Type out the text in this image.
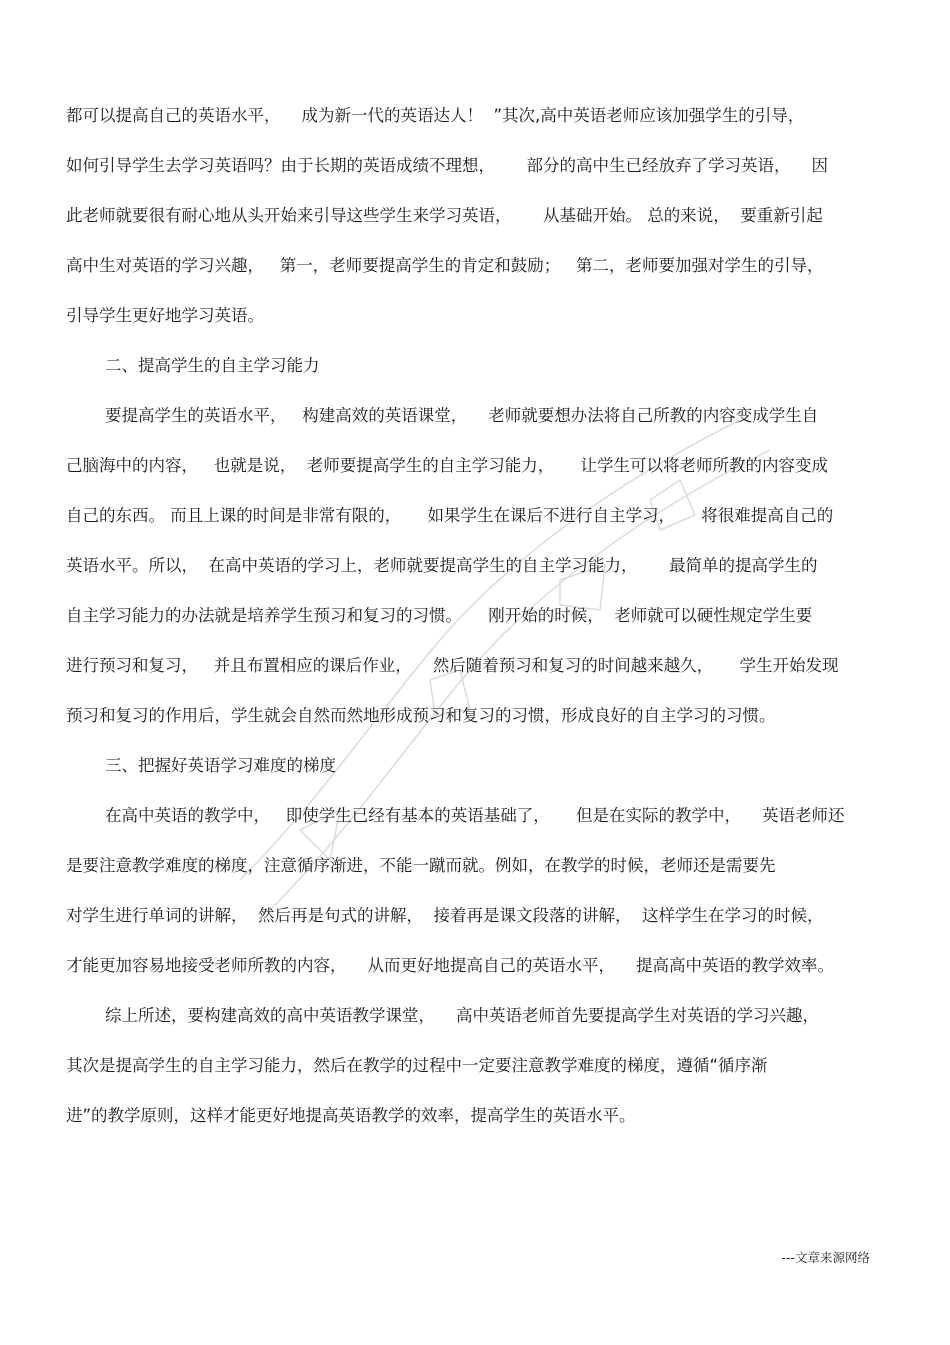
都可以提高自己的英语水平，    成为新一代的英语达人！  ”其次,高中英语老师应该加强学生的引导，
如何引导学生去学习英语吗？由于长期的英语成绩不理想，      部分的高中生已经放弃了学习英语，    因
此老师就要很有耐心地从头开始来引导这些学生来学习英语，      从基础开始。 总的来说，  要重新引起
高中生对英语的学习兴趣，   第一，老师要提高学生的肯定和鼓励；   第二，老师要加强对学生的引导，
引导学生更好地学习英语。
二、提高学生的自主学习能力
要提高学生的英语水平，   构建高效的英语课堂，    老师就要想办法将自己所教的内容变成学生自
己脑海中的内容，   也就是说，  老师要提高学生的自主学习能力，     让学生可以将老师所教的内容变成
自己的东西。 而且上课的时间是非常有限的，     如果学生在课后不进行自主学习，     将很难提高自己的
英语水平。所以，  在高中英语的学习上，老师就要提高学生的自主学习能力，      最简单的提高学生的
自主学习能力的办法就是培养学生预习和复习的习惯。     刚开始的时候，  老师就可以硬性规定学生要
进行预习和复习，   并且布置相应的课后作业，    然后随着预习和复习的时间越来越久，     学生开始发现
预习和复习的作用后，学生就会自然而然地形成预习和复习的习惯，形成良好的自主学习的习惯。
三、把握好英语学习难度的梯度
在高中英语的教学中，   即使学生已经有基本的英语基础了，     但是在实际的教学中，    英语老师还
是要注意教学难度的梯度，注意循序渐进，不能一蹴而就。例如，在教学的时候，老师还是需要先
对学生进行单词的讲解，  然后再是句式的讲解，  接着再是课文段落的讲解，  这样学生在学习的时候，
才能更加容易地接受老师所教的内容，    从而更好地提高自己的英语水平，    提高高中英语的教学效率。
综上所述，要构建高效的高中英语教学课堂，    高中英语老师首先要提高学生对英语的学习兴趣，
其次是提高学生的自主学习能力，然后在教学的过程中一定要注意教学难度的梯度，遵循“循序渐
进”的教学原则，这样才能更好地提高英语教学的效率，提高学生的英语水平。
---文章来源网络
